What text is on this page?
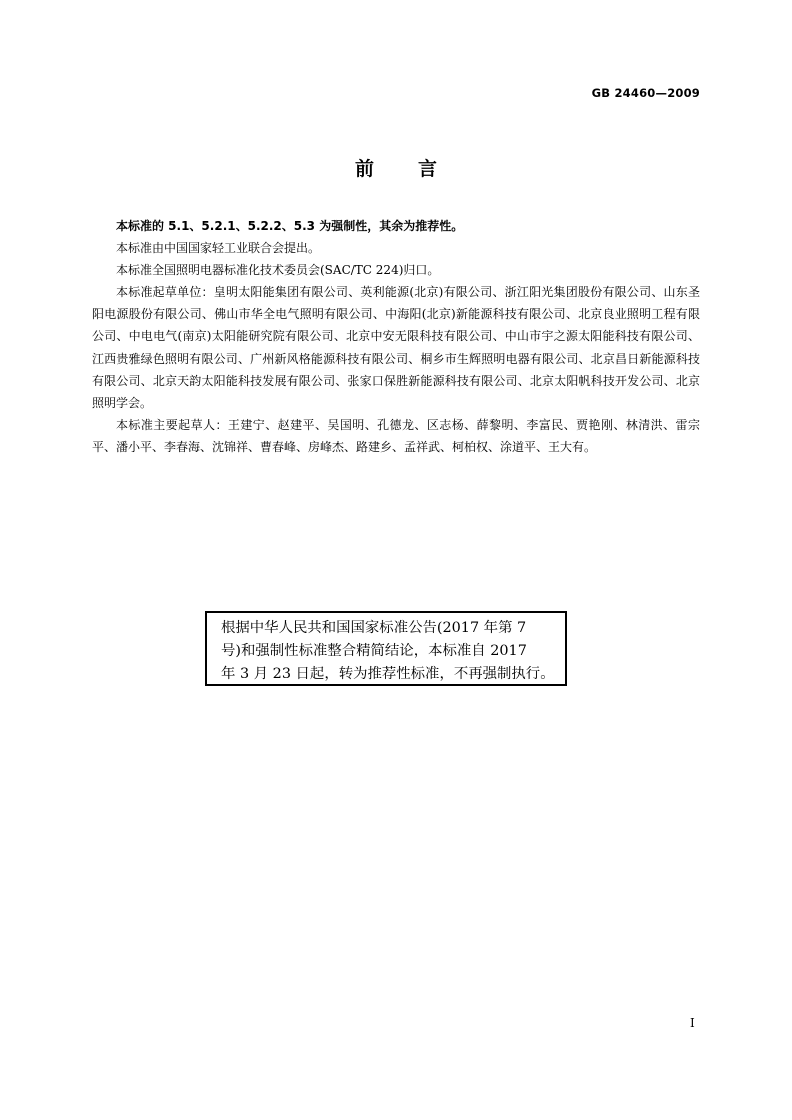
GB 24460—2009
前 言

本标准的 5.1、5.2.1、5.2.2、5.3 为强制性，其余为推荐性。

本标准由中国国家轻工业联合会提出。

本标准全国照明电器标准化技术委员会(SAC/TC 224)归口。

本标准起草单位：皇明太阳能集团有限公司、英利能源(北京)有限公司、浙江阳光集团股份有限公司、山东圣阳电源股份有限公司、佛山市华全电气照明有限公司、中海阳(北京)新能源科技有限公司、北京良业照明工程有限公司、中电电气(南京)太阳能研究院有限公司、北京中安无限科技有限公司、中山市宇之源太阳能科技有限公司、江西贵雅绿色照明有限公司、广州新风格能源科技有限公司、桐乡市生辉照明电器有限公司、北京昌日新能源科技有限公司、北京天韵太阳能科技发展有限公司、张家口保胜新能源科技有限公司、北京太阳帆科技开发公司、北京照明学会。

本标准主要起草人：王建宁、赵建平、吴国明、孔德龙、区志杨、薛黎明、李富民、贾艳刚、林清洪、雷宗平、潘小平、李春海、沈锦祥、曹春峰、房峰杰、路建乡、孟祥武、柯柏权、涂道平、王大有。

根据中华人民共和国国家标准公告(2017 年第 7
号)和强制性标准整合精简结论，本标准自 2017
年 3 月 23 日起，转为推荐性标准，不再强制执行。
I
